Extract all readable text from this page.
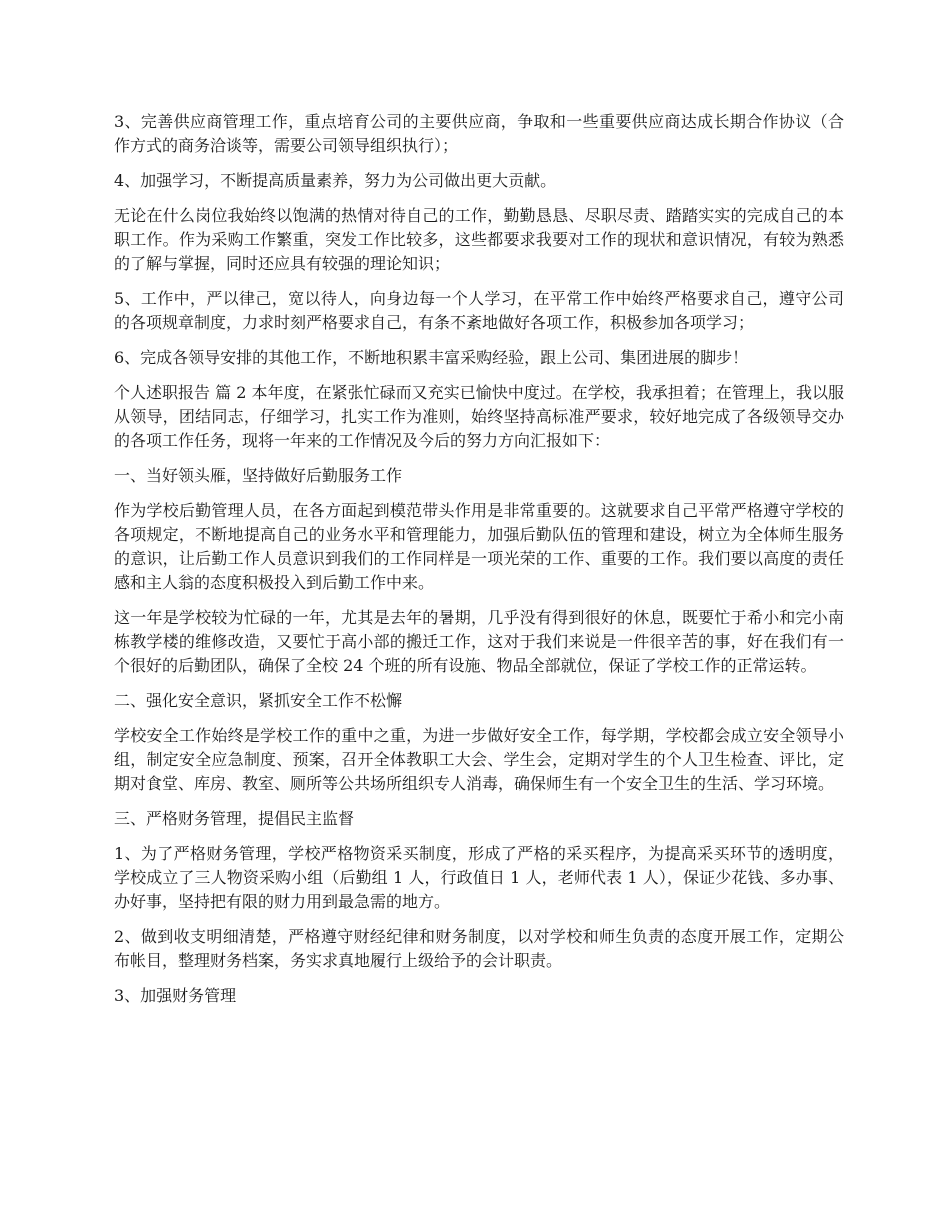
3、完善供应商管理工作，重点培育公司的主要供应商，争取和一些重要供应商达成长期合作协议（合作方式的商务洽谈等，需要公司领导组织执行）；

4、加强学习，不断提高质量素养，努力为公司做出更大贡献。

无论在什么岗位我始终以饱满的热情对待自己的工作，勤勤恳恳、尽职尽责、踏踏实实的完成自己的本职工作。作为采购工作繁重，突发工作比较多，这些都要求我要对工作的现状和意识情况，有较为熟悉的了解与掌握，同时还应具有较强的理论知识；

5、工作中，严以律己，宽以待人，向身边每一个人学习，在平常工作中始终严格要求自己，遵守公司的各项规章制度，力求时刻严格要求自己，有条不紊地做好各项工作，积极参加各项学习；

6、完成各领导安排的其他工作，不断地积累丰富采购经验，跟上公司、集团进展的脚步！

个人述职报告 篇 2 本年度，在紧张忙碌而又充实已愉快中度过。在学校，我承担着；在管理上，我以服从领导，团结同志，仔细学习，扎实工作为准则，始终坚持高标准严要求，较好地完成了各级领导交办的各项工作任务，现将一年来的工作情况及今后的努力方向汇报如下：

一、当好领头雁，坚持做好后勤服务工作

作为学校后勤管理人员，在各方面起到模范带头作用是非常重要的。这就要求自己平常严格遵守学校的各项规定，不断地提高自己的业务水平和管理能力，加强后勤队伍的管理和建设，树立为全体师生服务的意识，让后勤工作人员意识到我们的工作同样是一项光荣的工作、重要的工作。我们要以高度的责任感和主人翁的态度积极投入到后勤工作中来。

这一年是学校较为忙碌的一年，尤其是去年的暑期，几乎没有得到很好的休息，既要忙于希小和完小南栋教学楼的维修改造，又要忙于高小部的搬迁工作，这对于我们来说是一件很辛苦的事，好在我们有一个很好的后勤团队，确保了全校 24 个班的所有设施、物品全部就位，保证了学校工作的正常运转。

二、强化安全意识，紧抓安全工作不松懈

学校安全工作始终是学校工作的重中之重，为进一步做好安全工作，每学期，学校都会成立安全领导小组，制定安全应急制度、预案，召开全体教职工大会、学生会，定期对学生的个人卫生检查、评比，定期对食堂、库房、教室、厕所等公共场所组织专人消毒，确保师生有一个安全卫生的生活、学习环境。

三、严格财务管理，提倡民主监督

1、为了严格财务管理，学校严格物资采买制度，形成了严格的采买程序，为提高采买环节的透明度，学校成立了三人物资采购小组（后勤组 1 人，行政值日 1 人，老师代表 1 人），保证少花钱、多办事、办好事，坚持把有限的财力用到最急需的地方。

2、做到收支明细清楚，严格遵守财经纪律和财务制度，以对学校和师生负责的态度开展工作，定期公布帐目，整理财务档案，务实求真地履行上级给予的会计职责。

3、加强财务管理
